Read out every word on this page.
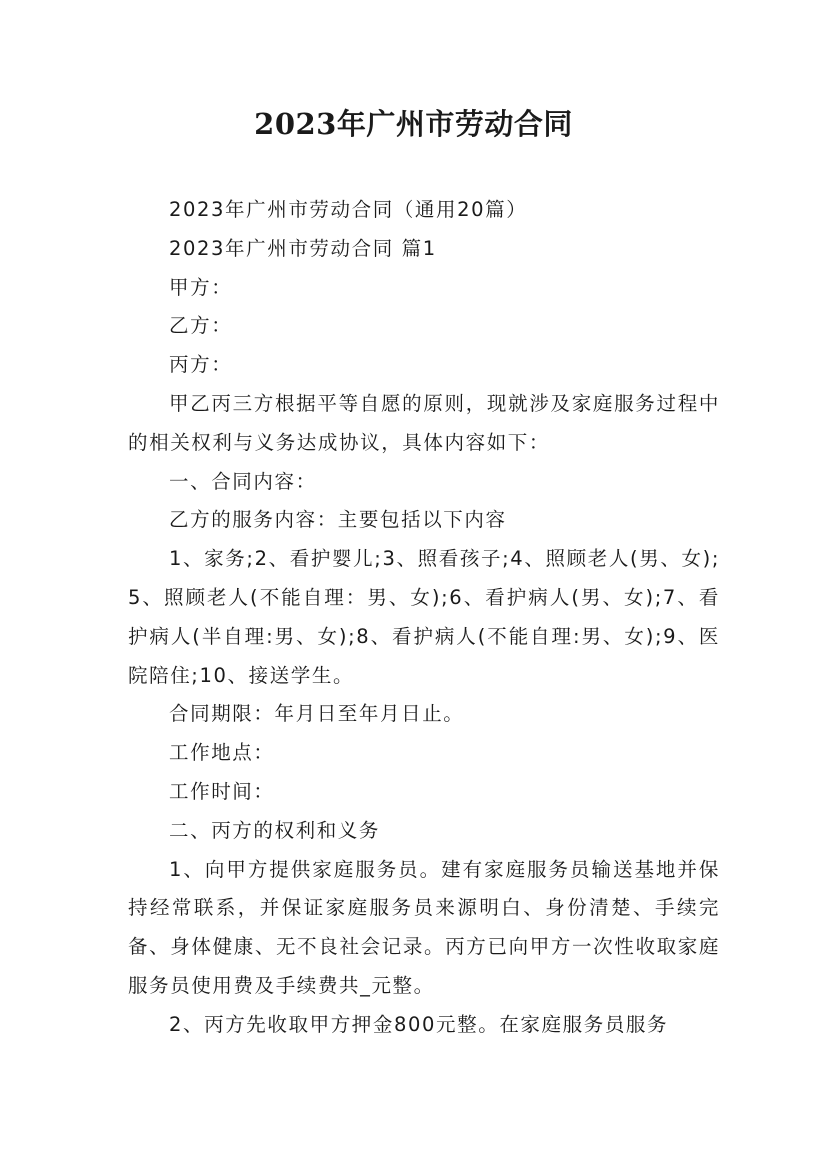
2023年广州市劳动合同

2023年广州市劳动合同（通用20篇）

2023年广州市劳动合同 篇1

甲方：

乙方：

丙方：

甲乙丙三方根据平等自愿的原则，现就涉及家庭服务过程中的相关权利与义务达成协议，具体内容如下：

一、合同内容：

乙方的服务内容：主要包括以下内容

1、家务;2、看护婴儿;3、照看孩子;4、照顾老人(男、女);5、照顾老人(不能自理：男、女);6、看护病人(男、女);7、看护病人(半自理:男、女);8、看护病人(不能自理:男、女);9、医院陪住;10、接送学生。

合同期限：年月日至年月日止。

工作地点：

工作时间：

二、丙方的权利和义务

1、向甲方提供家庭服务员。建有家庭服务员输送基地并保持经常联系，并保证家庭服务员来源明白、身份清楚、手续完备、身体健康、无不良社会记录。丙方已向甲方一次性收取家庭服务员使用费及手续费共_元整。

2、丙方先收取甲方押金800元整。在家庭服务员服务
